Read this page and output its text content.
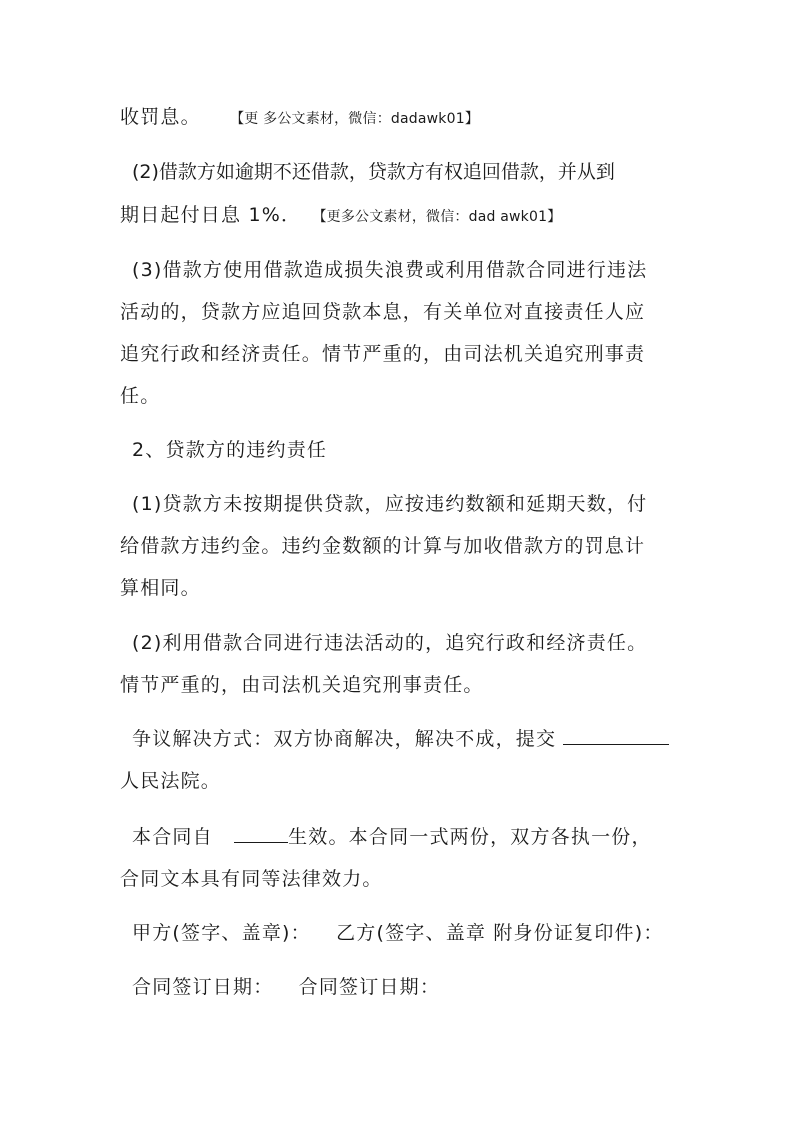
收罚息。 【更 多公文素材，微信：dadawk01】
(2)借款方如逾期不还借款，贷款方有权追回借款，并从到
期日起付日息 1%． 【更多公文素材，微信：dad awk01】
(3)借款方使用借款造成损失浪费或利用借款合同进行违法
活动的，贷款方应追回贷款本息，有关单位对直接责任人应
追究行政和经济责任。情节严重的，由司法机关追究刑事责
任。
2、贷款方的违约责任
(1)贷款方未按期提供贷款，应按违约数额和延期天数，付
给借款方违约金。违约金数额的计算与加收借款方的罚息计
算相同。
(2)利用借款合同进行违法活动的，追究行政和经济责任。
情节严重的，由司法机关追究刑事责任。
争议解决方式：双方协商解决，解决不成，提交
人民法院。
本合同自	生效。本合同一式两份，双方各执一份，
合同文本具有同等法律效力。
甲方(签字、盖章)： 乙方(签字、盖章 附身份证复印件)：
合同签订日期： 合同签订日期：
